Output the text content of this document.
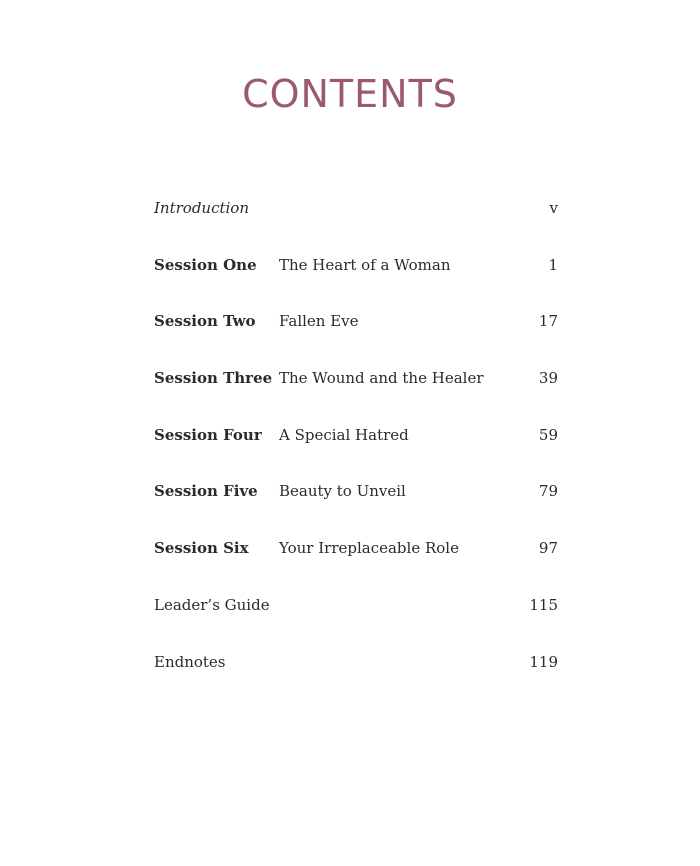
CONTENTS
Introduction	v
Session One The Heart of a Woman	1
Session Two Fallen Eve	17
Session Three The Wound and the Healer	39
Session Four A Special Hatred	59
Session Five Beauty to Unveil	79
Session Six Your Irreplaceable Role	97
Leader’s Guide	115
Endnotes	119
